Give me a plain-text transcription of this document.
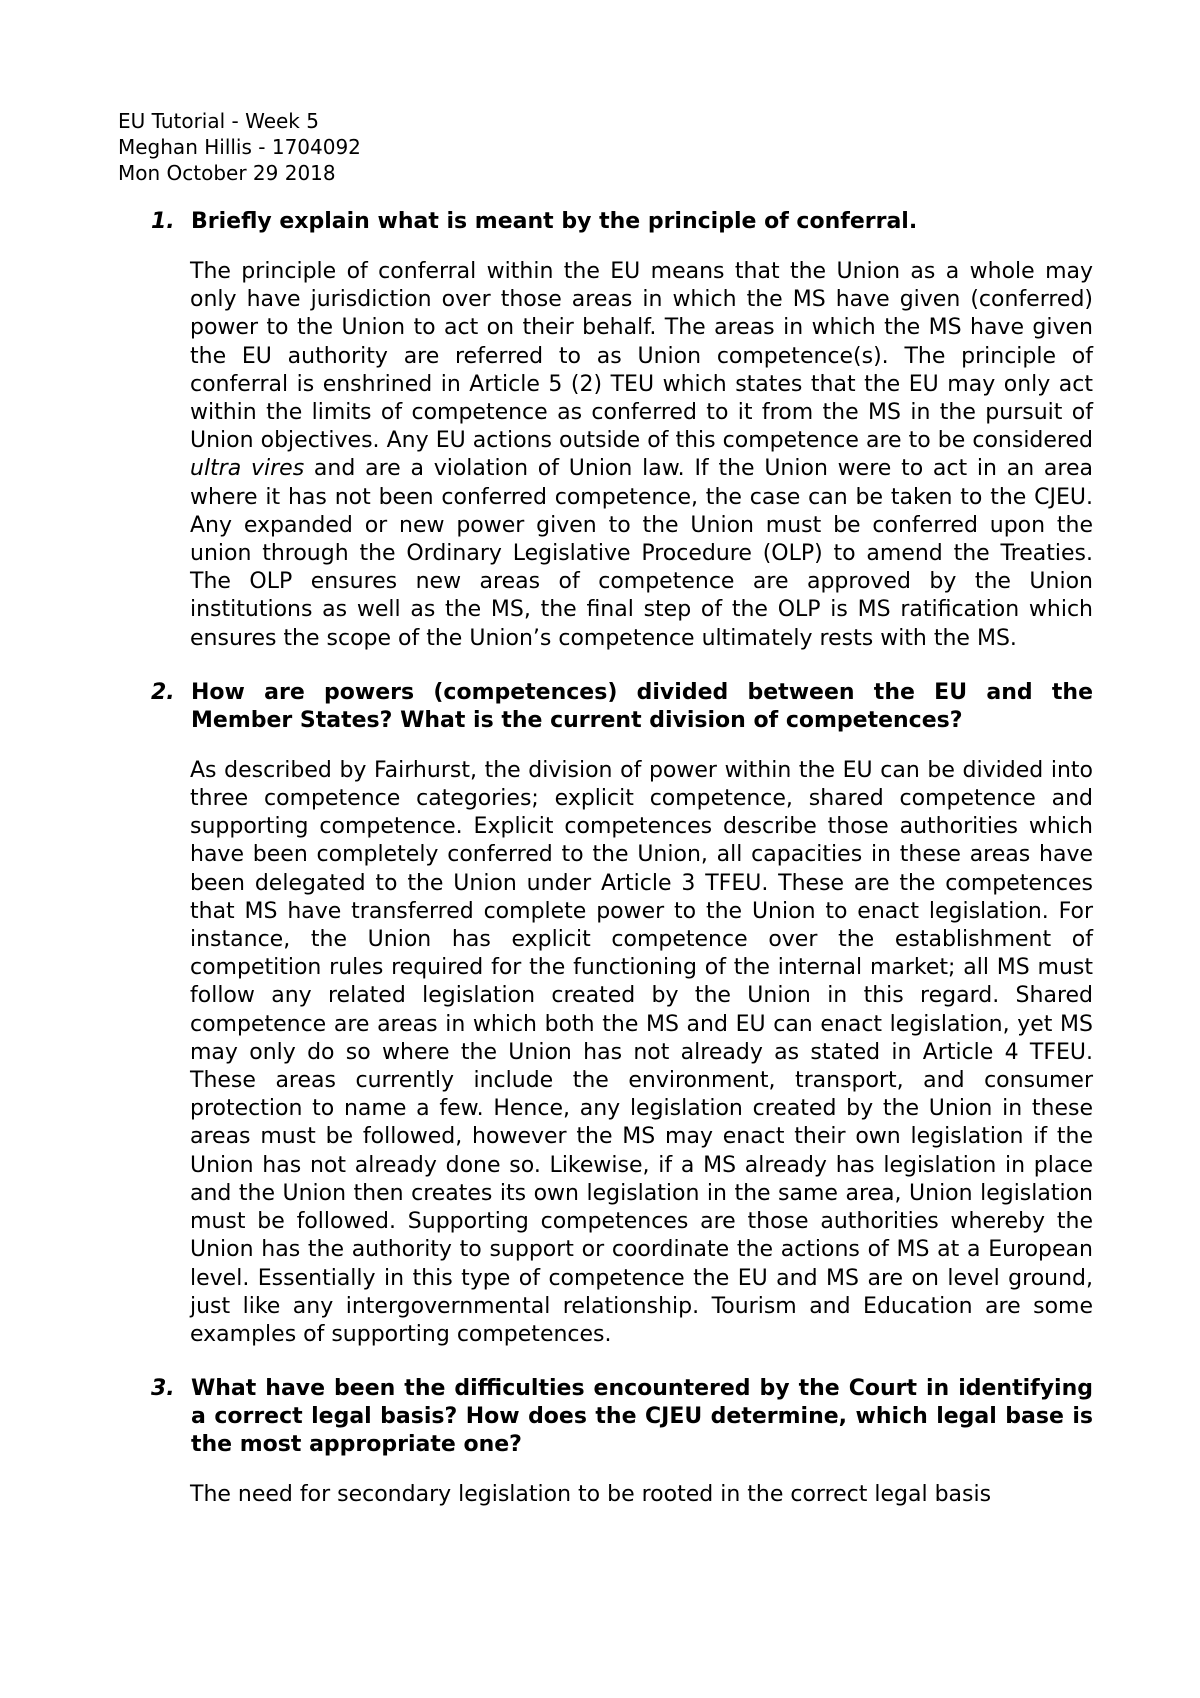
EU Tutorial - Week 5

Meghan Hillis - 1704092

Mon October 29 2018

1. Briefly explain what is meant by the principle of conferral.

The principle of conferral within the EU means that the Union as a whole may only have jurisdiction over those areas in which the MS have given (conferred) power to the Union to act on their behalf. The areas in which the MS have given the EU authority are referred to as Union competence(s). The principle of conferral is enshrined in Article 5 (2) TEU which states that the EU may only act within the limits of competence as conferred to it from the MS in the pursuit of Union objectives. Any EU actions outside of this competence are to be considered ultra vires and are a violation of Union law. If the Union were to act in an area where it has not been conferred competence, the case can be taken to the CJEU. Any expanded or new power given to the Union must be conferred upon the union through the Ordinary Legislative Procedure (OLP) to amend the Treaties. The OLP ensures new areas of competence are approved by the Union institutions as well as the MS, the final step of the OLP is MS ratification which ensures the scope of the Union’s competence ultimately rests with the MS.

2. How are powers (competences) divided between the EU and the Member States? What is the current division of competences?

As described by Fairhurst, the division of power within the EU can be divided into three competence categories; explicit competence, shared competence and supporting competence. Explicit competences describe those authorities which have been completely conferred to the Union, all capacities in these areas have been delegated to the Union under Article 3 TFEU. These are the competences that MS have transferred complete power to the Union to enact legislation. For instance, the Union has explicit competence over the establishment of competition rules required for the functioning of the internal market; all MS must follow any related legislation created by the Union in this regard. Shared competence are areas in which both the MS and EU can enact legislation, yet MS may only do so where the Union has not already as stated in Article 4 TFEU. These areas currently include the environment, transport, and consumer protection to name a few. Hence, any legislation created by the Union in these areas must be followed, however the MS may enact their own legislation if the Union has not already done so. Likewise, if a MS already has legislation in place and the Union then creates its own legislation in the same area, Union legislation must be followed. Supporting competences are those authorities whereby the Union has the authority to support or coordinate the actions of MS at a European level. Essentially in this type of competence the EU and MS are on level ground, just like any intergovernmental relationship. Tourism and Education are some examples of supporting competences.

3. What have been the difficulties encountered by the Court in identifying a correct legal basis? How does the CJEU determine, which legal base is the most appropriate one?

The need for secondary legislation to be rooted in the correct legal basis
